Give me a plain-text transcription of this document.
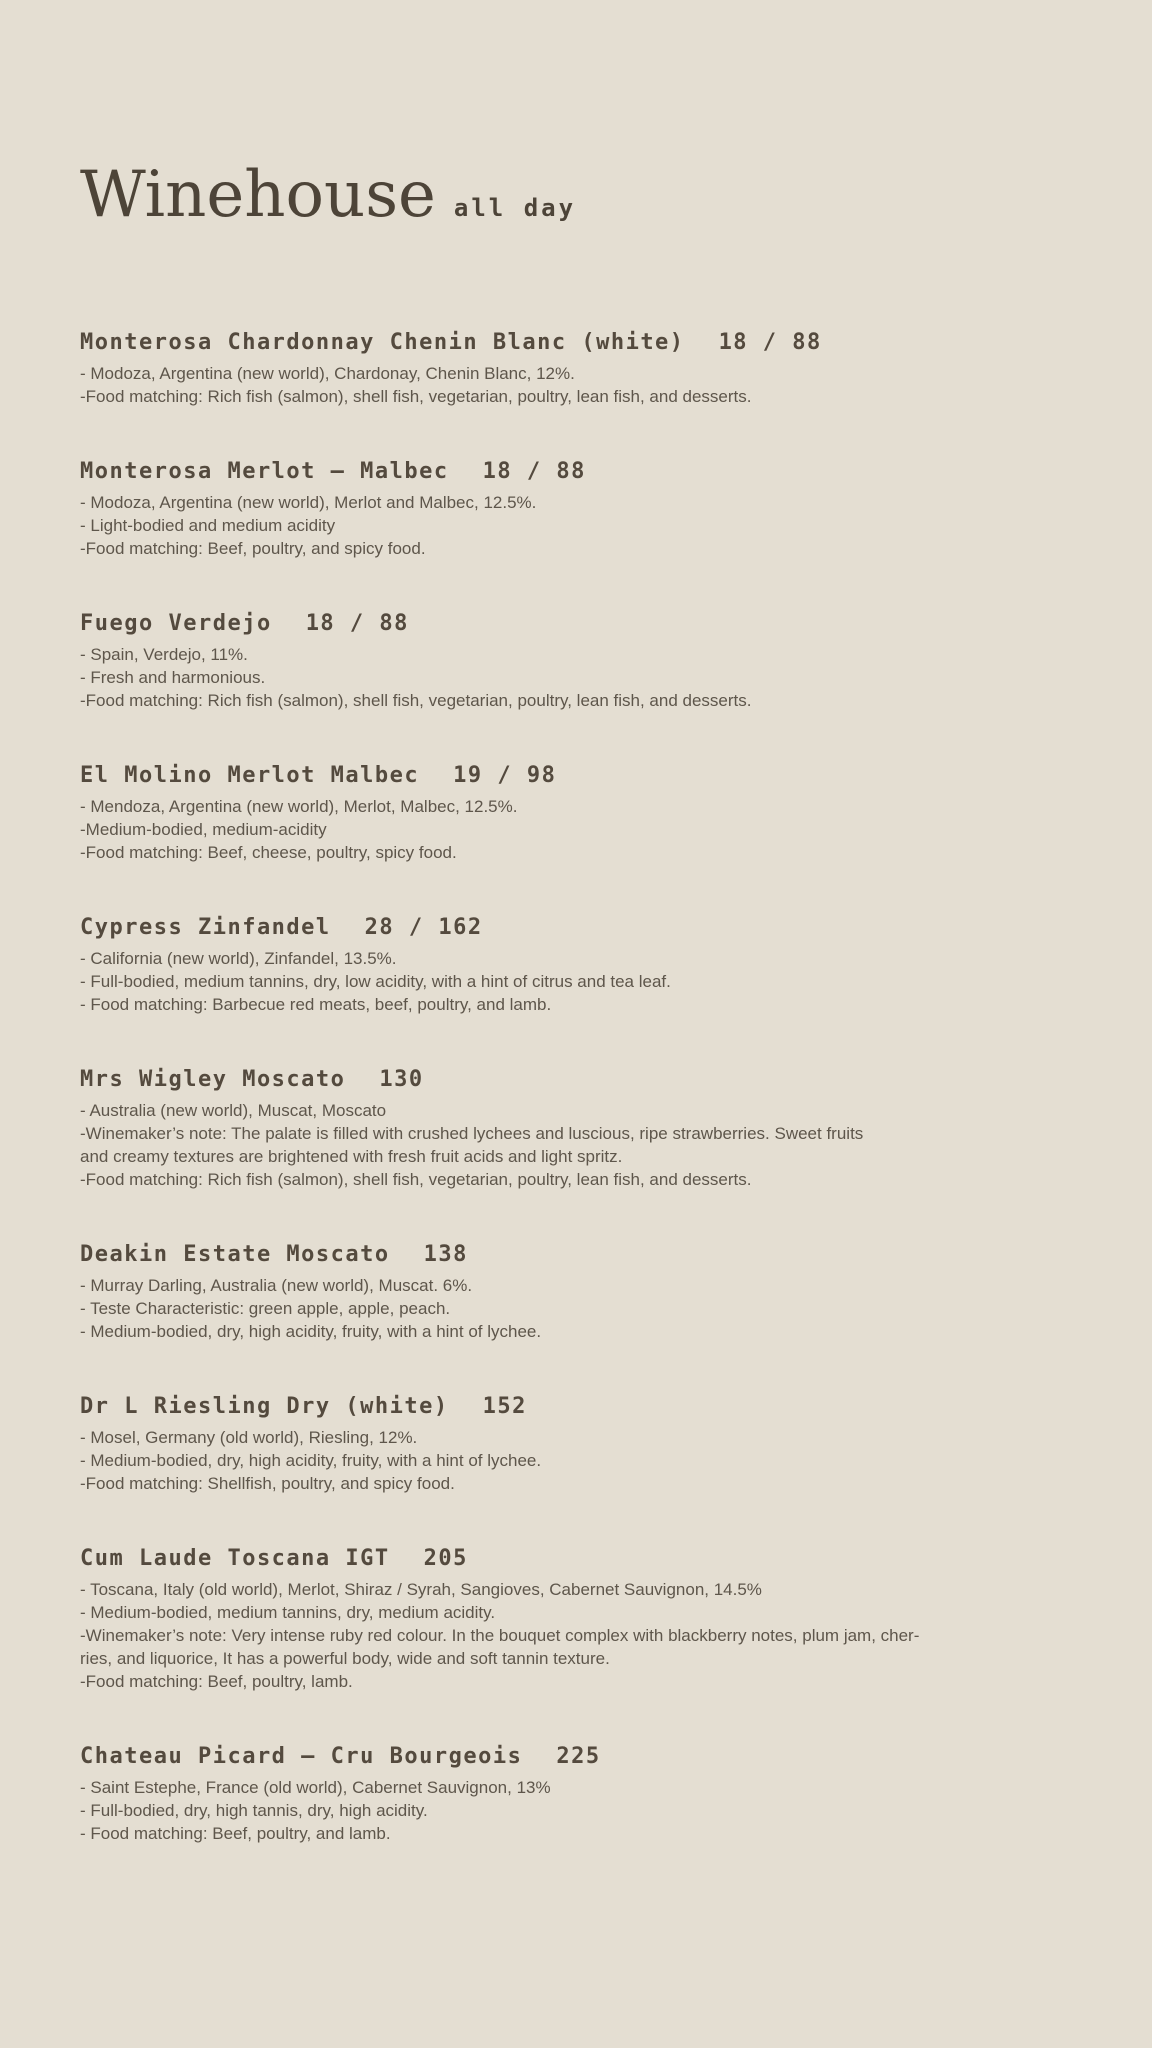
Winehouse all day
Monterosa Chardonnay Chenin Blanc (white) 18 / 88

- Modoza, Argentina (new world), Chardonay, Chenin Blanc, 12%.

-Food matching: Rich fish (salmon), shell fish, vegetarian, poultry, lean fish, and desserts.

Monterosa Merlot – Malbec 18 / 88

- Modoza, Argentina (new world), Merlot and Malbec, 12.5%.

- Light-bodied and medium acidity

-Food matching: Beef, poultry, and spicy food.

Fuego Verdejo 18 / 88

- Spain, Verdejo, 11%.

- Fresh and harmonious.

-Food matching: Rich fish (salmon), shell fish, vegetarian, poultry, lean fish, and desserts.

El Molino Merlot Malbec 19 / 98

- Mendoza, Argentina (new world), Merlot, Malbec, 12.5%.

-Medium-bodied, medium-acidity

-Food matching: Beef, cheese, poultry, spicy food.

Cypress Zinfandel 28 / 162

- California (new world), Zinfandel, 13.5%.

- Full-bodied, medium tannins, dry, low acidity, with a hint of citrus and tea leaf.

- Food matching: Barbecue red meats, beef, poultry, and lamb.

Mrs Wigley Moscato 130

- Australia (new world), Muscat, Moscato

-Winemaker’s note: The palate is filled with crushed lychees and luscious, ripe strawberries. Sweet fruits

and creamy textures are brightened with fresh fruit acids and light spritz.

-Food matching: Rich fish (salmon), shell fish, vegetarian, poultry, lean fish, and desserts.

Deakin Estate Moscato 138

- Murray Darling, Australia (new world), Muscat. 6%.

- Teste Characteristic: green apple, apple, peach.

- Medium-bodied, dry, high acidity, fruity, with a hint of lychee.

Dr L Riesling Dry (white) 152

- Mosel, Germany (old world), Riesling, 12%.

- Medium-bodied, dry, high acidity, fruity, with a hint of lychee.

-Food matching: Shellfish, poultry, and spicy food.

Cum Laude Toscana IGT 205

- Toscana, Italy (old world), Merlot, Shiraz / Syrah, Sangioves, Cabernet Sauvignon, 14.5%

- Medium-bodied, medium tannins, dry, medium acidity.

-Winemaker’s note: Very intense ruby red colour. In the bouquet complex with blackberry notes, plum jam, cher-

ries, and liquorice, It has a powerful body, wide and soft tannin texture.

-Food matching: Beef, poultry, lamb.

Chateau Picard – Cru Bourgeois 225

- Saint Estephe, France (old world), Cabernet Sauvignon, 13%

- Full-bodied, dry, high tannis, dry, high acidity.

- Food matching: Beef, poultry, and lamb.
